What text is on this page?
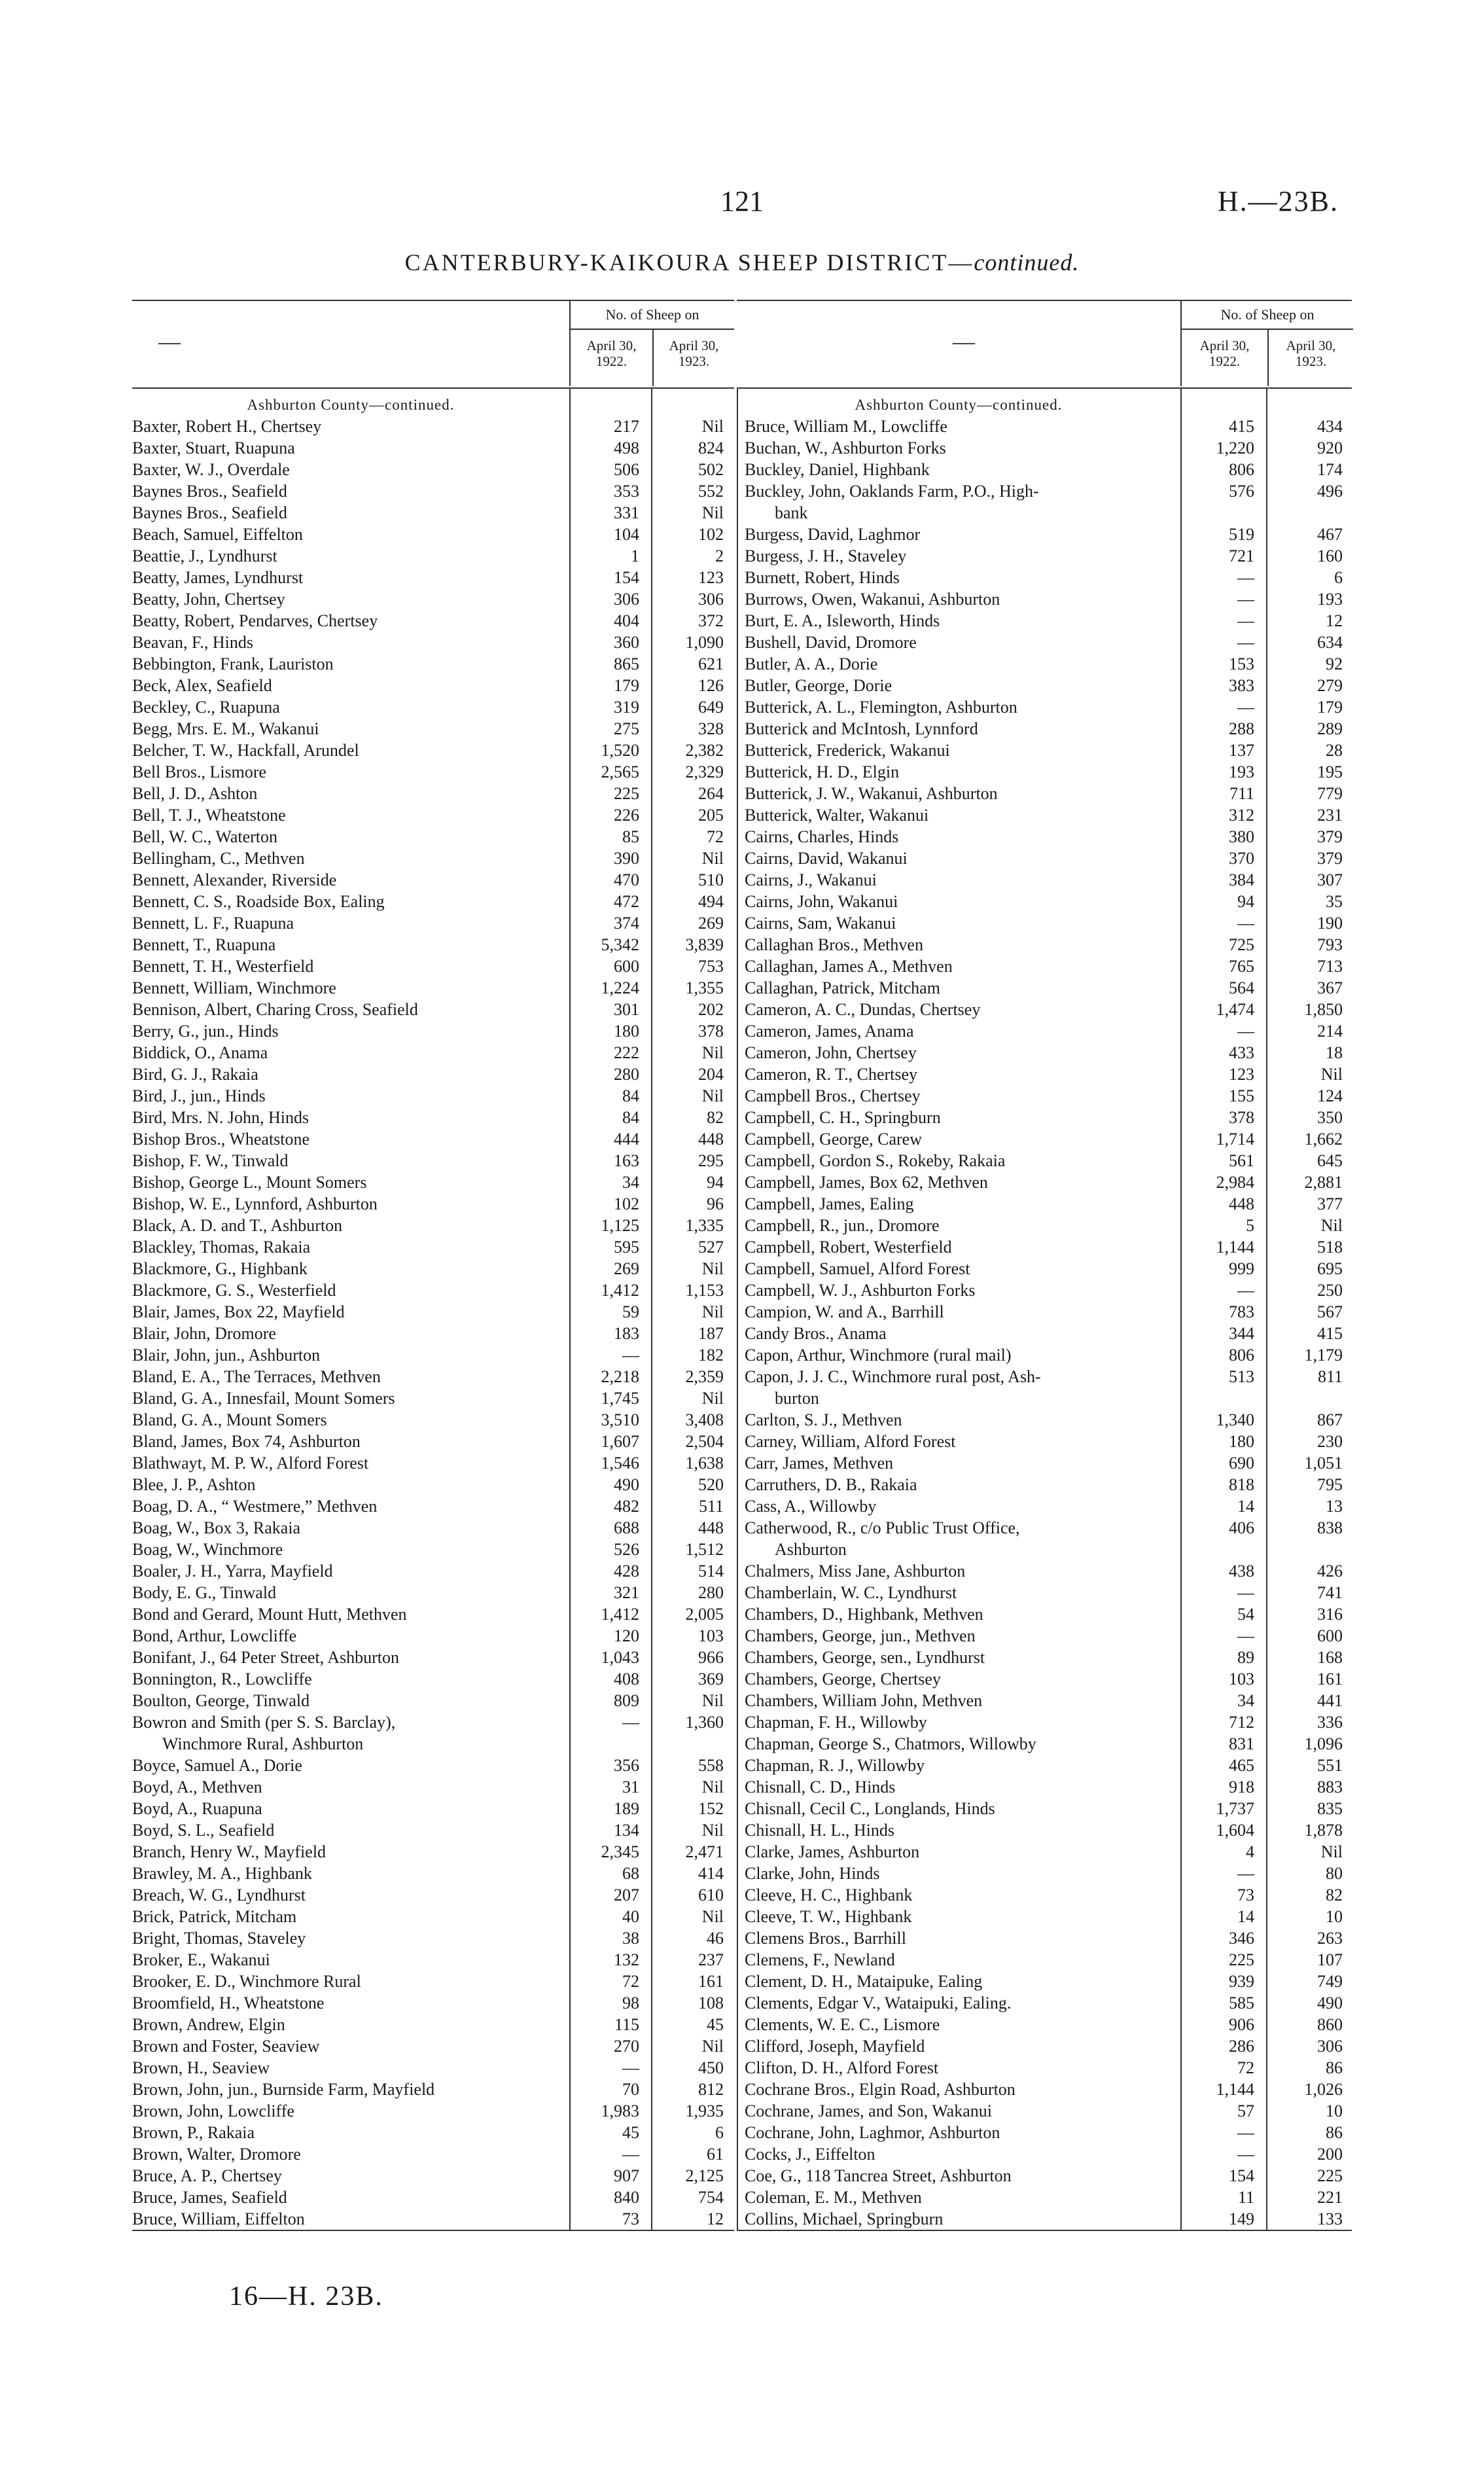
121	H.—23B.
CANTERBURY-KAIKOURA SHEEP DISTRICT—continued.
—
No. of Sheep on
April 30,
1922.
April 30,
1923.
Ashburton County—continued.
Baxter, Robert H., Chertsey	217	Nil
Baxter, Stuart, Ruapuna	498	824
Baxter, W. J., Overdale	506	502
Baynes Bros., Seafield	353	552
Baynes Bros., Seafield	331	Nil
Beach, Samuel, Eiffelton	104	102
Beattie, J., Lyndhurst	1	2
Beatty, James, Lyndhurst	154	123
Beatty, John, Chertsey	306	306
Beatty, Robert, Pendarves, Chertsey	404	372
Beavan, F., Hinds	360	1,090
Bebbington, Frank, Lauriston	865	621
Beck, Alex, Seafield	179	126
Beckley, C., Ruapuna	319	649
Begg, Mrs. E. M., Wakanui	275	328
Belcher, T. W., Hackfall, Arundel	1,520	2,382
Bell Bros., Lismore	2,565	2,329
Bell, J. D., Ashton	225	264
Bell, T. J., Wheatstone	226	205
Bell, W. C., Waterton	85	72
Bellingham, C., Methven	390	Nil
Bennett, Alexander, Riverside	470	510
Bennett, C. S., Roadside Box, Ealing	472	494
Bennett, L. F., Ruapuna	374	269
Bennett, T., Ruapuna	5,342	3,839
Bennett, T. H., Westerfield	600	753
Bennett, William, Winchmore	1,224	1,355
Bennison, Albert, Charing Cross, Seafield	301	202
Berry, G., jun., Hinds	180	378
Biddick, O., Anama	222	Nil
Bird, G. J., Rakaia	280	204
Bird, J., jun., Hinds	84	Nil
Bird, Mrs. N. John, Hinds	84	82
Bishop Bros., Wheatstone	444	448
Bishop, F. W., Tinwald	163	295
Bishop, George L., Mount Somers	34	94
Bishop, W. E., Lynnford, Ashburton	102	96
Black, A. D. and T., Ashburton	1,125	1,335
Blackley, Thomas, Rakaia	595	527
Blackmore, G., Highbank	269	Nil
Blackmore, G. S., Westerfield	1,412	1,153
Blair, James, Box 22, Mayfield	59	Nil
Blair, John, Dromore	183	187
Blair, John, jun., Ashburton	—	182
Bland, E. A., The Terraces, Methven	2,218	2,359
Bland, G. A., Innesfail, Mount Somers	1,745	Nil
Bland, G. A., Mount Somers	3,510	3,408
Bland, James, Box 74, Ashburton	1,607	2,504
Blathwayt, M. P. W., Alford Forest	1,546	1,638
Blee, J. P., Ashton	490	520
Boag, D. A., “ Westmere,” Methven	482	511
Boag, W., Box 3, Rakaia	688	448
Boag, W., Winchmore	526	1,512
Boaler, J. H., Yarra, Mayfield	428	514
Body, E. G., Tinwald	321	280
Bond and Gerard, Mount Hutt, Methven	1,412	2,005
Bond, Arthur, Lowcliffe	120	103
Bonifant, J., 64 Peter Street, Ashburton	1,043	966
Bonnington, R., Lowcliffe	408	369
Boulton, George, Tinwald	809	Nil
Bowron and Smith (per S. S. Barclay),	—	1,360
Winchmore Rural, Ashburton
Boyce, Samuel A., Dorie	356	558
Boyd, A., Methven	31	Nil
Boyd, A., Ruapuna	189	152
Boyd, S. L., Seafield	134	Nil
Branch, Henry W., Mayfield	2,345	2,471
Brawley, M. A., Highbank	68	414
Breach, W. G., Lyndhurst	207	610
Brick, Patrick, Mitcham	40	Nil
Bright, Thomas, Staveley	38	46
Broker, E., Wakanui	132	237
Brooker, E. D., Winchmore Rural	72	161
Broomfield, H., Wheatstone	98	108
Brown, Andrew, Elgin	115	45
Brown and Foster, Seaview	270	Nil
Brown, H., Seaview	—	450
Brown, John, jun., Burnside Farm, Mayfield	70	812
Brown, John, Lowcliffe	1,983	1,935
Brown, P., Rakaia	45	6
Brown, Walter, Dromore	—	61
Bruce, A. P., Chertsey	907	2,125
Bruce, James, Seafield	840	754
Bruce, William, Eiffelton	73	12
—
No. of Sheep on
April 30,
1922.
April 30,
1923.
Ashburton County—continued.
Bruce, William M., Lowcliffe	415	434
Buchan, W., Ashburton Forks	1,220	920
Buckley, Daniel, Highbank	806	174
Buckley, John, Oaklands Farm, P.O., High-	576	496
bank
Burgess, David, Laghmor	519	467
Burgess, J. H., Staveley	721	160
Burnett, Robert, Hinds	—	6
Burrows, Owen, Wakanui, Ashburton	—	193
Burt, E. A., Isleworth, Hinds	—	12
Bushell, David, Dromore	—	634
Butler, A. A., Dorie	153	92
Butler, George, Dorie	383	279
Butterick, A. L., Flemington, Ashburton	—	179
Butterick and McIntosh, Lynnford	288	289
Butterick, Frederick, Wakanui	137	28
Butterick, H. D., Elgin	193	195
Butterick, J. W., Wakanui, Ashburton	711	779
Butterick, Walter, Wakanui	312	231
Cairns, Charles, Hinds	380	379
Cairns, David, Wakanui	370	379
Cairns, J., Wakanui	384	307
Cairns, John, Wakanui	94	35
Cairns, Sam, Wakanui	—	190
Callaghan Bros., Methven	725	793
Callaghan, James A., Methven	765	713
Callaghan, Patrick, Mitcham	564	367
Cameron, A. C., Dundas, Chertsey	1,474	1,850
Cameron, James, Anama	—	214
Cameron, John, Chertsey	433	18
Cameron, R. T., Chertsey	123	Nil
Campbell Bros., Chertsey	155	124
Campbell, C. H., Springburn	378	350
Campbell, George, Carew	1,714	1,662
Campbell, Gordon S., Rokeby, Rakaia	561	645
Campbell, James, Box 62, Methven	2,984	2,881
Campbell, James, Ealing	448	377
Campbell, R., jun., Dromore	5	Nil
Campbell, Robert, Westerfield	1,144	518
Campbell, Samuel, Alford Forest	999	695
Campbell, W. J., Ashburton Forks	—	250
Campion, W. and A., Barrhill	783	567
Candy Bros., Anama	344	415
Capon, Arthur, Winchmore (rural mail)	806	1,179
Capon, J. J. C., Winchmore rural post, Ash-	513	811
burton
Carlton, S. J., Methven	1,340	867
Carney, William, Alford Forest	180	230
Carr, James, Methven	690	1,051
Carruthers, D. B., Rakaia	818	795
Cass, A., Willowby	14	13
Catherwood, R., c/o Public Trust Office,	406	838
Ashburton
Chalmers, Miss Jane, Ashburton	438	426
Chamberlain, W. C., Lyndhurst	—	741
Chambers, D., Highbank, Methven	54	316
Chambers, George, jun., Methven	—	600
Chambers, George, sen., Lyndhurst	89	168
Chambers, George, Chertsey	103	161
Chambers, William John, Methven	34	441
Chapman, F. H., Willowby	712	336
Chapman, George S., Chatmors, Willowby	831	1,096
Chapman, R. J., Willowby	465	551
Chisnall, C. D., Hinds	918	883
Chisnall, Cecil C., Longlands, Hinds	1,737	835
Chisnall, H. L., Hinds	1,604	1,878
Clarke, James, Ashburton	4	Nil
Clarke, John, Hinds	—	80
Cleeve, H. C., Highbank	73	82
Cleeve, T. W., Highbank	14	10
Clemens Bros., Barrhill	346	263
Clemens, F., Newland	225	107
Clement, D. H., Mataipuke, Ealing	939	749
Clements, Edgar V., Wataipuki, Ealing.	585	490
Clements, W. E. C., Lismore	906	860
Clifford, Joseph, Mayfield	286	306
Clifton, D. H., Alford Forest	72	86
Cochrane Bros., Elgin Road, Ashburton	1,144	1,026
Cochrane, James, and Son, Wakanui	57	10
Cochrane, John, Laghmor, Ashburton	—	86
Cocks, J., Eiffelton	—	200
Coe, G., 118 Tancrea Street, Ashburton	154	225
Coleman, E. M., Methven	11	221
Collins, Michael, Springburn	149	133
16—H. 23B.
